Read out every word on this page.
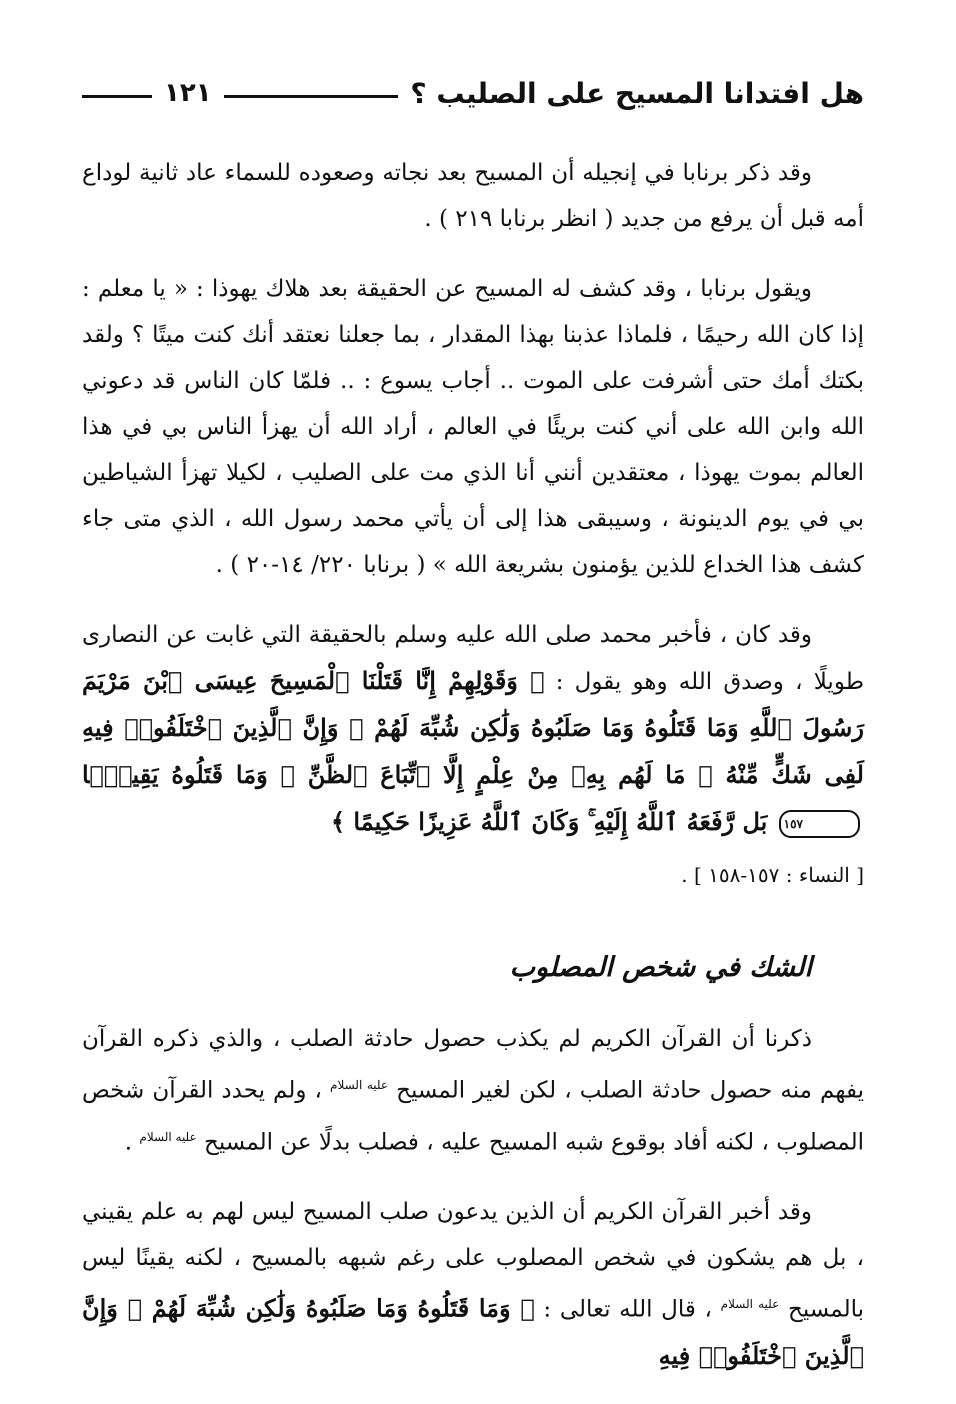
هل افتدانا المسيح على الصليب ؟
١٢١

وقد ذكر برنابا في إنجيله أن المسيح بعد نجاته وصعوده للسماء عاد ثانية لوداع أمه قبل أن يرفع من جديد ( انظر برنابا ٢١٩ ) .

ويقول برنابا ، وقد كشف له المسيح عن الحقيقة بعد هلاك يهوذا : « يا معلم : إذا كان الله رحيمًا ، فلماذا عذبنا بهذا المقدار ، بما جعلنا نعتقد أنك كنت ميتًا ؟ ولقد بكتك أمك حتى أشرفت على الموت .. أجاب يسوع : .. فلمّا كان الناس قد دعوني الله وابن الله على أني كنت بريئًا في العالم ، أراد الله أن يهزأ الناس بي في هذا العالم بموت يهوذا ، معتقدين أنني أنا الذي مت على الصليب ، لكيلا تهزأ الشياطين بي في يوم الدينونة ، وسيبقى هذا إلى أن يأتي محمد رسول الله ، الذي متى جاء كشف هذا الخداع للذين يؤمنون بشريعة الله » ( برنابا ٢٢٠/ ١٤-٢٠ ) .

وقد كان ، فأخبر محمد صلى الله عليه وسلم بالحقيقة التي غابت عن النصارى طويلًا ، وصدق الله وهو يقول : ﴿ وَقَوْلِهِمْ إِنَّا قَتَلْنَا ٱلْمَسِيحَ عِيسَى ٱبْنَ مَرْيَمَ رَسُولَ ٱللَّهِ وَمَا قَتَلُوهُ وَمَا صَلَبُوهُ وَلَٰكِن شُبِّهَ لَهُمْ ۚ وَإِنَّ ٱلَّذِينَ ٱخْتَلَفُوا۟ فِيهِ لَفِى شَكٍّ مِّنْهُ ۚ مَا لَهُم بِهِۦ مِنْ عِلْمٍ إِلَّا ٱتِّبَاعَ ٱلظَّنِّ ۚ وَمَا قَتَلُوهُ يَقِينًۢا ١٥٧ بَل رَّفَعَهُ ٱللَّهُ إِلَيْهِ ۚ وَكَانَ ٱللَّهُ عَزِيزًا حَكِيمًا ﴾

[ النساء : ١٥٧-١٥٨ ] .

الشك في شخص المصلوب

ذكرنا أن القرآن الكريم لم يكذب حصول حادثة الصلب ، والذي ذكره القرآن يفهم منه حصول حادثة الصلب ، لكن لغير المسيح $^{عليه السلام}$ ، ولم يحدد القرآن شخص المصلوب ، لكنه أفاد بوقوع شبه المسيح عليه ، فصلب بدلًا عن المسيح $^{عليه السلام}$ .

وقد أخبر القرآن الكريم أن الذين يدعون صلب المسيح ليس لهم به علم يقيني ، بل هم يشكون في شخص المصلوب على رغم شبهه بالمسيح ، لكنه يقينًا ليس بالمسيح $^{عليه السلام}$ ، قال الله تعالى : ﴿ وَمَا قَتَلُوهُ وَمَا صَلَبُوهُ وَلَٰكِن شُبِّهَ لَهُمْ ۚ وَإِنَّ ٱلَّذِينَ ٱخْتَلَفُوا۟ فِيهِ
